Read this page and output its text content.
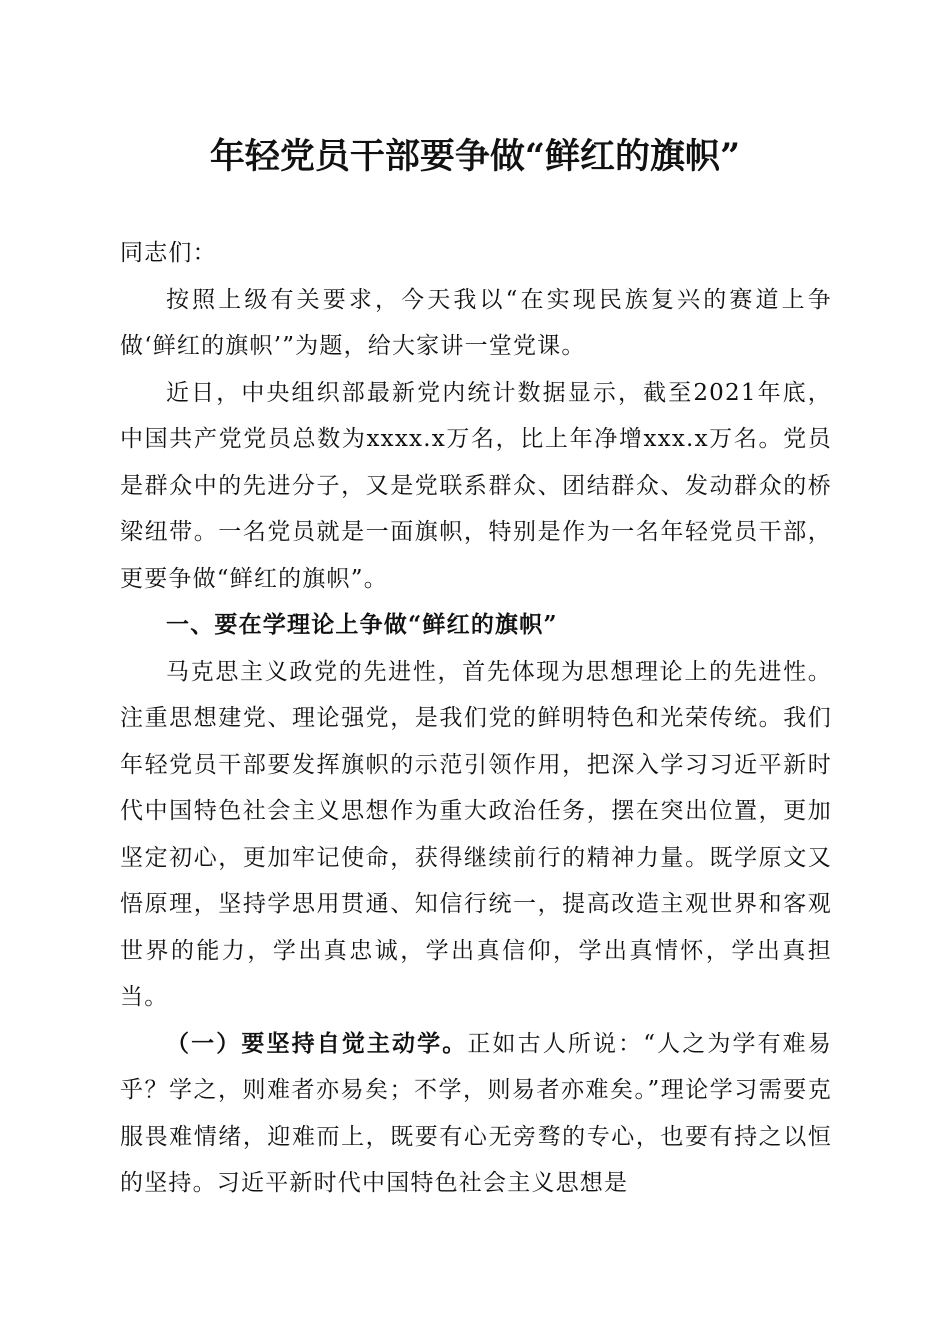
年轻党员干部要争做“鲜红的旗帜”

同志们：

按照上级有关要求，今天我以“在实现民族复兴的赛道上争做‘鲜红的旗帜’”为题，给大家讲一堂党课。

近日，中央组织部最新党内统计数据显示，截至2021年底，中国共产党党员总数为xxxx.x万名，比上年净增xxx.x万名。党员是群众中的先进分子，又是党联系群众、团结群众、发动群众的桥梁纽带。一名党员就是一面旗帜，特别是作为一名年轻党员干部，更要争做“鲜红的旗帜”。

一、要在学理论上争做“鲜红的旗帜”

马克思主义政党的先进性，首先体现为思想理论上的先进性。注重思想建党、理论强党，是我们党的鲜明特色和光荣传统。我们年轻党员干部要发挥旗帜的示范引领作用，把深入学习习近平新时代中国特色社会主义思想作为重大政治任务，摆在突出位置，更加坚定初心，更加牢记使命，获得继续前行的精神力量。既学原文又悟原理，坚持学思用贯通、知信行统一，提高改造主观世界和客观世界的能力，学出真忠诚，学出真信仰，学出真情怀，学出真担当。

（一）要坚持自觉主动学。正如古人所说：“人之为学有难易乎？学之，则难者亦易矣；不学，则易者亦难矣。”理论学习需要克服畏难情绪，迎难而上，既要有心无旁骛的专心，也要有持之以恒的坚持。习近平新时代中国特色社会主义思想是
